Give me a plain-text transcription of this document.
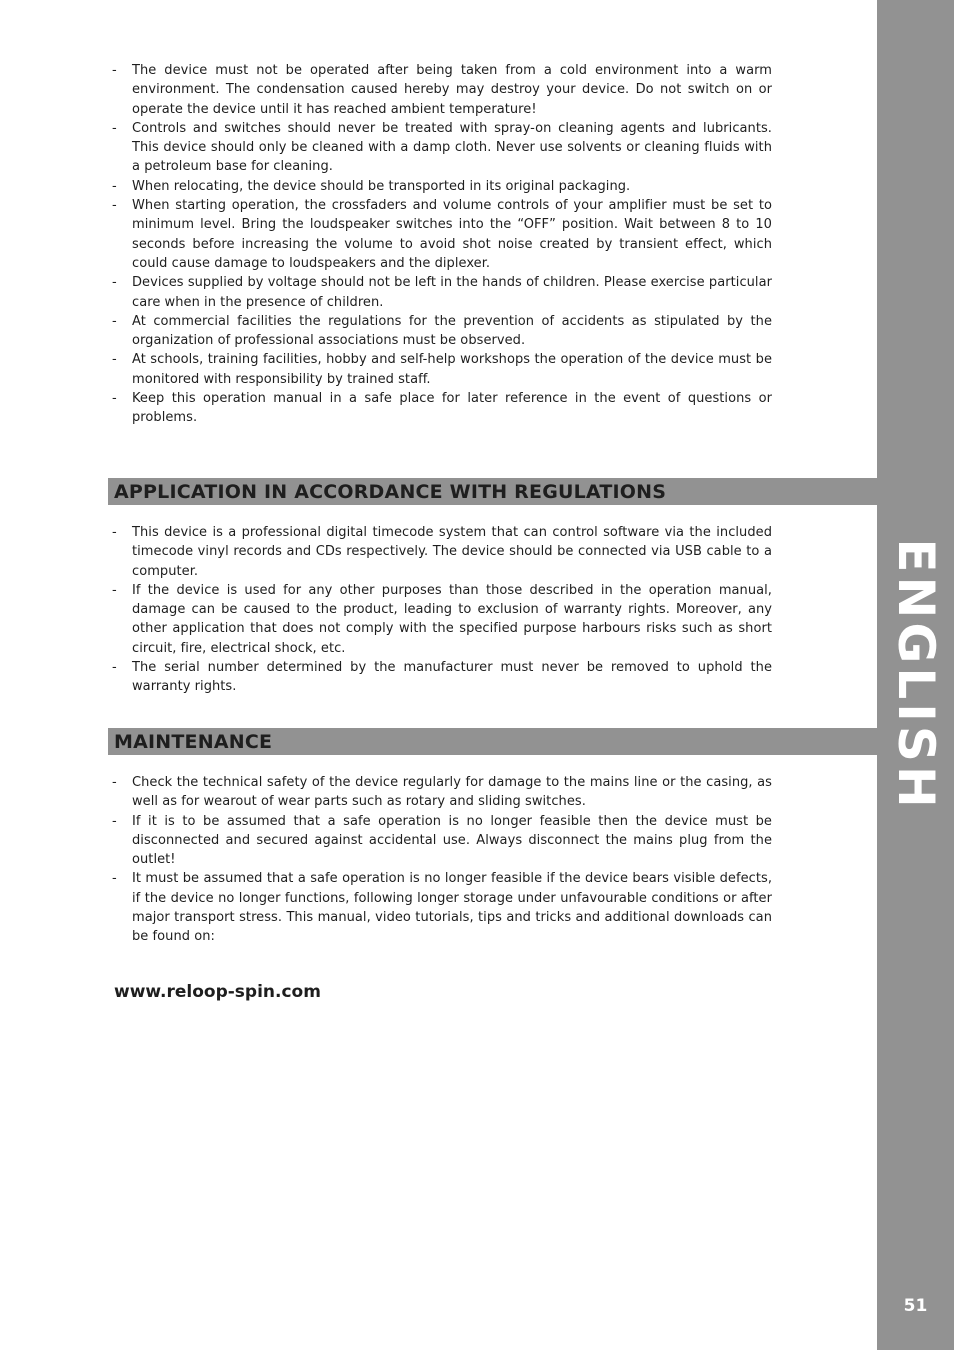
ENGLISH
51
- The device must not be operated after being taken from a cold environment into a warm environment. The condensation caused hereby may destroy your device. Do not switch on or operate the device until it has reached ambient temperature!
- Controls and switches should never be treated with spray-on cleaning agents and lubricants. This device should only be cleaned with a damp cloth. Never use solvents or cleaning fluids with a petroleum base for cleaning.
- When relocating, the device should be transported in its original packaging.
- When starting operation, the crossfaders and volume controls of your amplifier must be set to minimum level. Bring the loudspeaker switches into the “OFF” position. Wait between 8 to 10 seconds before increasing the volume to avoid shot noise created by transient effect, which could cause damage to loudspeakers and the diplexer.
- Devices supplied by voltage should not be left in the hands of children. Please exercise particular care when in the presence of children.
- At commercial facilities the regulations for the prevention of accidents as stipulated by the organization of professional associations must be observed.
- At schools, training facilities, hobby and self-help workshops the operation of the device must be monitored with responsibility by trained staff.
- Keep this operation manual in a safe place for later reference in the event of questions or problems.
APPLICATION IN ACCORDANCE WITH REGULATIONS
- This device is a professional digital timecode system that can control software via the included timecode vinyl records and CDs respectively. The device should be connected via USB cable to a computer.
- If the device is used for any other purposes than those described in the operation manual, damage can be caused to the product, leading to exclusion of warranty rights. Moreover, any other application that does not comply with the specified purpose harbours risks such as short circuit, fire, electrical shock, etc.
- The serial number determined by the manufacturer must never be removed to uphold the warranty rights.
MAINTENANCE
- Check the technical safety of the device regularly for damage to the mains line or the casing, as well as for wearout of wear parts such as rotary and sliding switches.
- If it is to be assumed that a safe operation is no longer feasible then the device must be disconnected and secured against accidental use. Always disconnect the mains plug from the outlet!
- It must be assumed that a safe operation is no longer feasible if the device bears visible defects, if the device no longer functions, following longer storage under unfavourable conditions or after major transport stress. This manual, video tutorials, tips and tricks and additional downloads can be found on:
www.reloop-spin.com
